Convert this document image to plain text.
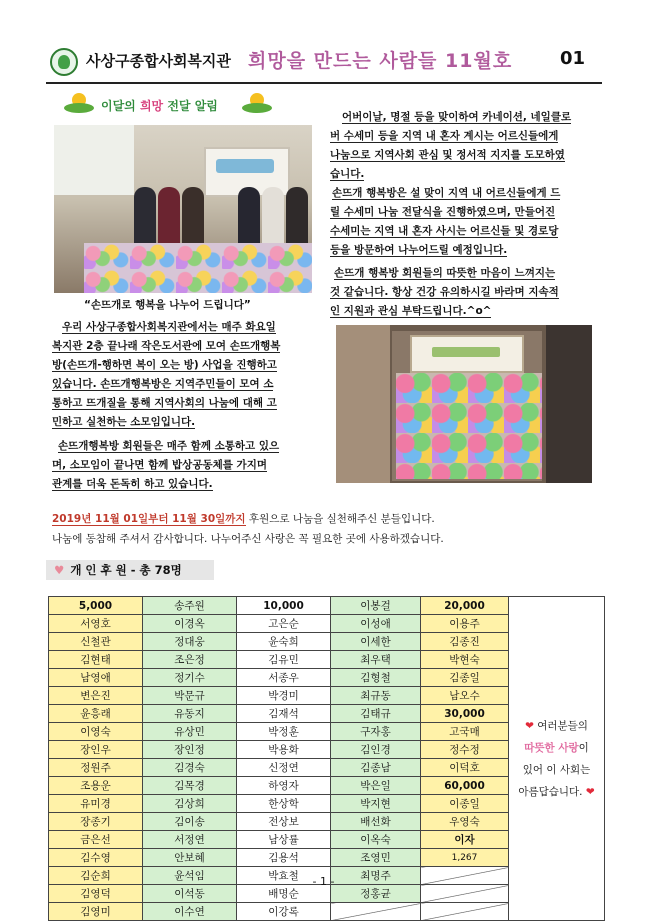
사상구종합사회복지관 희망을 만드는 사람들 11월호	01
이달의 희망 전달 알림
“손뜨개로 행복을 나누어 드립니다”
우리 사상구종합사회복지관에서는 매주 화요일
복지관 2층 끝나래 작은도서관에 모여 손뜨개행복
방(손뜨개-행하면 복이 오는 방) 사업을 진행하고
있습니다. 손뜨개행복방은 지역주민들이 모여 소
통하고 뜨개질을 통해 지역사회의 나눔에 대해 고
민하고 실천하는 소모임입니다.
손뜨개행복방 회원들은 매주 함께 소통하고 있으
며, 소모임이 끝나면 함께 밥상공동체를 가지며
관계를 더욱 돈독히 하고 있습니다.
어버이날, 명절 등을 맞이하여 카네이션, 네일클로
버 수세미 등을 지역 내 혼자 계시는 어르신들에게
나눔으로 지역사회 관심 및 정서적 지지를 도모하였
습니다.
손뜨개 행복방은 설 맞이 지역 내 어르신들에게 드
릴 수세미 나눔 전달식을 진행하였으며, 만들어진
수세미는 지역 내 혼자 사시는 어르신들 및 경로당
등을 방문하여 나누어드릴 예정입니다.
손뜨개 행복방 회원들의 따뜻한 마음이 느껴지는
것 같습니다. 항상 건강 유의하시길 바라며 지속적
인 지원과 관심 부탁드립니다.^o^
2019년 11월 01일부터 11월 30일까지 후원으로 나눔을 실천해주신 분들입니다.
나눔에 동참해 주셔서 감사합니다. 나누어주신 사랑은 꼭 필요한 곳에 사용하겠습니다.
♥ 개 인 후 원 - 총 78명
5,000	송주원	10,000	이봉걸	20,000	❤ 여러분들의
따뜻한 사랑이
있어 이 사회는
아름답습니다. ❤
서영호	이경옥	고은순	이성애	이용주	
신철관	정대웅	윤숙희	이세한	김종진	
김현태	조은정	김유민	최우택	박현숙	
남영애	정기수	서종우	김형철	김종일	
변은진	박문규	박경미	최규동	남오수	
윤흥래	유동지	김재석	김태규	30,000	
이영숙	유상민	박정훈	구자홍	고국매	
장인우	장인정	박용화	김인경	정수정	
정원주	김경숙	신정연	김종남	이덕호	
조용운	김목경	하영자	박은일	60,000	
유미경	김상희	한상학	박지현	이종일	
장종기	김이송	전상보	배선화	우영숙	
금은선	서정연	남상률	이옥숙	이자	
김수영	안보혜	김용석	조영민	1,267	
김순희	윤석임	박효철	최명주		
김영덕	이석동	배명순	정홍균		
김영미	이수연	이강록			
- 1 -
